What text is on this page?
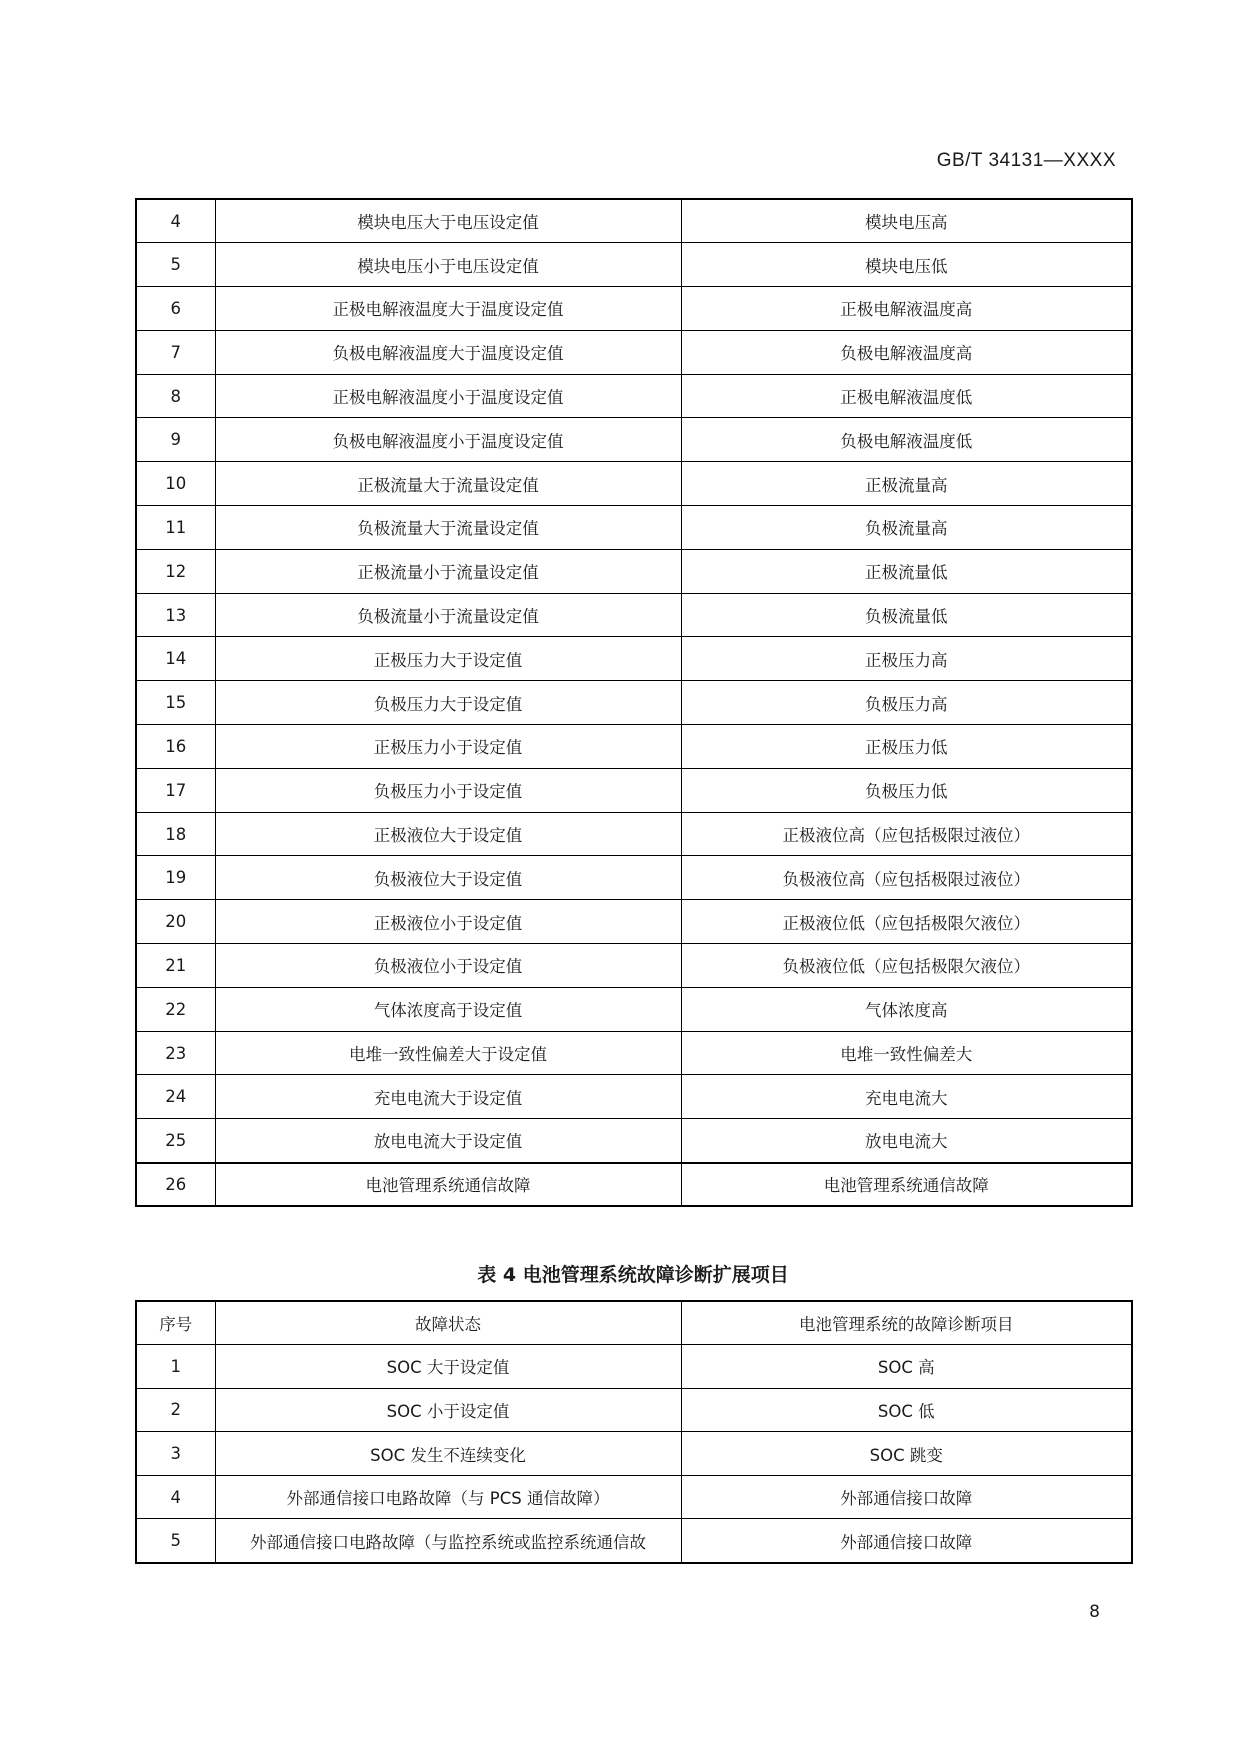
GB/T 34131—XXXX
4	模块电压大于电压设定值	模块电压高
5	模块电压小于电压设定值	模块电压低
6	正极电解液温度大于温度设定值	正极电解液温度高
7	负极电解液温度大于温度设定值	负极电解液温度高
8	正极电解液温度小于温度设定值	正极电解液温度低
9	负极电解液温度小于温度设定值	负极电解液温度低
10	正极流量大于流量设定值	正极流量高
11	负极流量大于流量设定值	负极流量高
12	正极流量小于流量设定值	正极流量低
13	负极流量小于流量设定值	负极流量低
14	正极压力大于设定值	正极压力高
15	负极压力大于设定值	负极压力高
16	正极压力小于设定值	正极压力低
17	负极压力小于设定值	负极压力低
18	正极液位大于设定值	正极液位高（应包括极限过液位）
19	负极液位大于设定值	负极液位高（应包括极限过液位）
20	正极液位小于设定值	正极液位低（应包括极限欠液位）
21	负极液位小于设定值	负极液位低（应包括极限欠液位）
22	气体浓度高于设定值	气体浓度高
23	电堆一致性偏差大于设定值	电堆一致性偏差大
24	充电电流大于设定值	充电电流大
25	放电电流大于设定值	放电电流大
26	电池管理系统通信故障	电池管理系统通信故障
表 4 电池管理系统故障诊断扩展项目
序号	故障状态	电池管理系统的故障诊断项目
1	SOC 大于设定值	SOC 高
2	SOC 小于设定值	SOC 低
3	SOC 发生不连续变化	SOC 跳变
4	外部通信接口电路故障（与 PCS 通信故障）	外部通信接口故障
5	外部通信接口电路故障（与监控系统或监控系统通信故	外部通信接口故障
8
